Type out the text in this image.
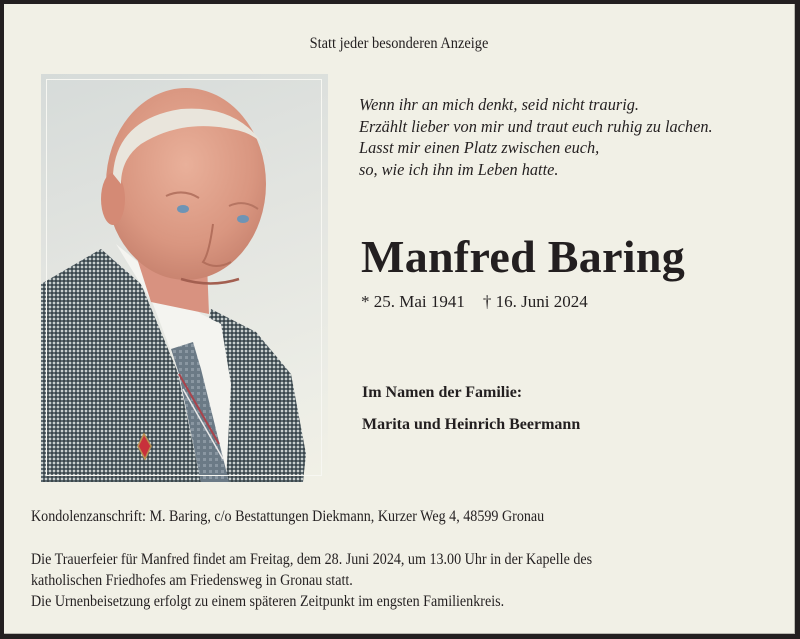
Statt jeder besonderen Anzeige
Wenn ihr an mich denkt, seid nicht traurig.
Erzählt lieber von mir und traut euch ruhig zu lachen.
Lasst mir einen Platz zwischen euch,
so, wie ich ihn im Leben hatte.
Manfred Baring
* 25. Mai 1941 † 16. Juni 2024
Im Namen der Familie:
Marita und Heinrich Beermann
Kondolenzanschrift: M. Baring, c/o Bestattungen Diekmann, Kurzer Weg 4, 48599 Gronau
Die Trauerfeier für Manfred findet am Freitag, dem 28. Juni 2024, um 13.00 Uhr in der Kapelle des
katholischen Friedhofes am Friedensweg in Gronau statt.
Die Urnenbeisetzung erfolgt zu einem späteren Zeitpunkt im engsten Familienkreis.
